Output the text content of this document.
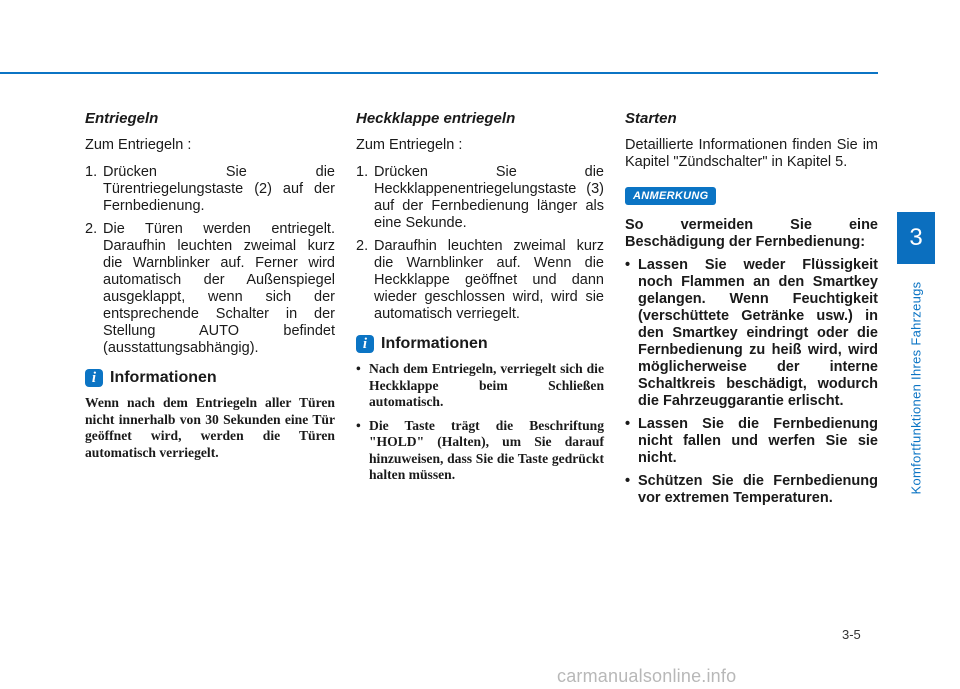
3
Komfortfunktionen Ihres Fahrzeugs
Entriegeln

Zum Entriegeln :

1. Drücken Sie die Türentriegelungstaste (2) auf der Fernbedienung.
2. Die Türen werden entriegelt. Daraufhin leuchten zweimal kurz die Warnblinker auf. Ferner wird automatisch der Außenspiegel ausgeklappt, wenn sich der entsprechende Schalter in der Stellung AUTO befindet (ausstattungsabhängig).
i Informationen

Wenn nach dem Entriegeln aller Türen nicht innerhalb von 30 Sekunden eine Tür geöffnet wird, werden die Türen automatisch verriegelt.

Heckklappe entriegeln

Zum Entriegeln :

1. Drücken Sie die Heckklappenentriegelungstaste (3) auf der Fernbedienung länger als eine Sekunde.
2. Daraufhin leuchten zweimal kurz die Warnblinker auf. Wenn die Heckklappe geöffnet und dann wieder geschlossen wird, wird sie automatisch verriegelt.
i Informationen
• Nach dem Entriegeln, verriegelt sich die Heckklappe beim Schließen automatisch.
• Die Taste trägt die Beschriftung "HOLD" (Halten), um Sie darauf hinzuweisen, dass Sie die Taste gedrückt halten müssen.
Starten

Detaillierte Informationen finden Sie im Kapitel "Zündschalter" in Kapitel 5.

ANMERKUNG

So vermeiden Sie eine Beschädigung der Fernbedienung:

• Lassen Sie weder Flüssigkeit noch Flammen an den Smartkey gelangen. Wenn Feuchtigkeit (verschüttete Getränke usw.) in den Smartkey eindringt oder die Fernbedienung zu heiß wird, wird möglicherweise der interne Schaltkreis beschädigt, wodurch die Fahrzeuggarantie erlischt.
• Lassen Sie die Fernbedienung nicht fallen und werfen Sie sie nicht.
• Schützen Sie die Fernbedienung vor extremen Temperaturen.
3-5
carmanualsonline.info
